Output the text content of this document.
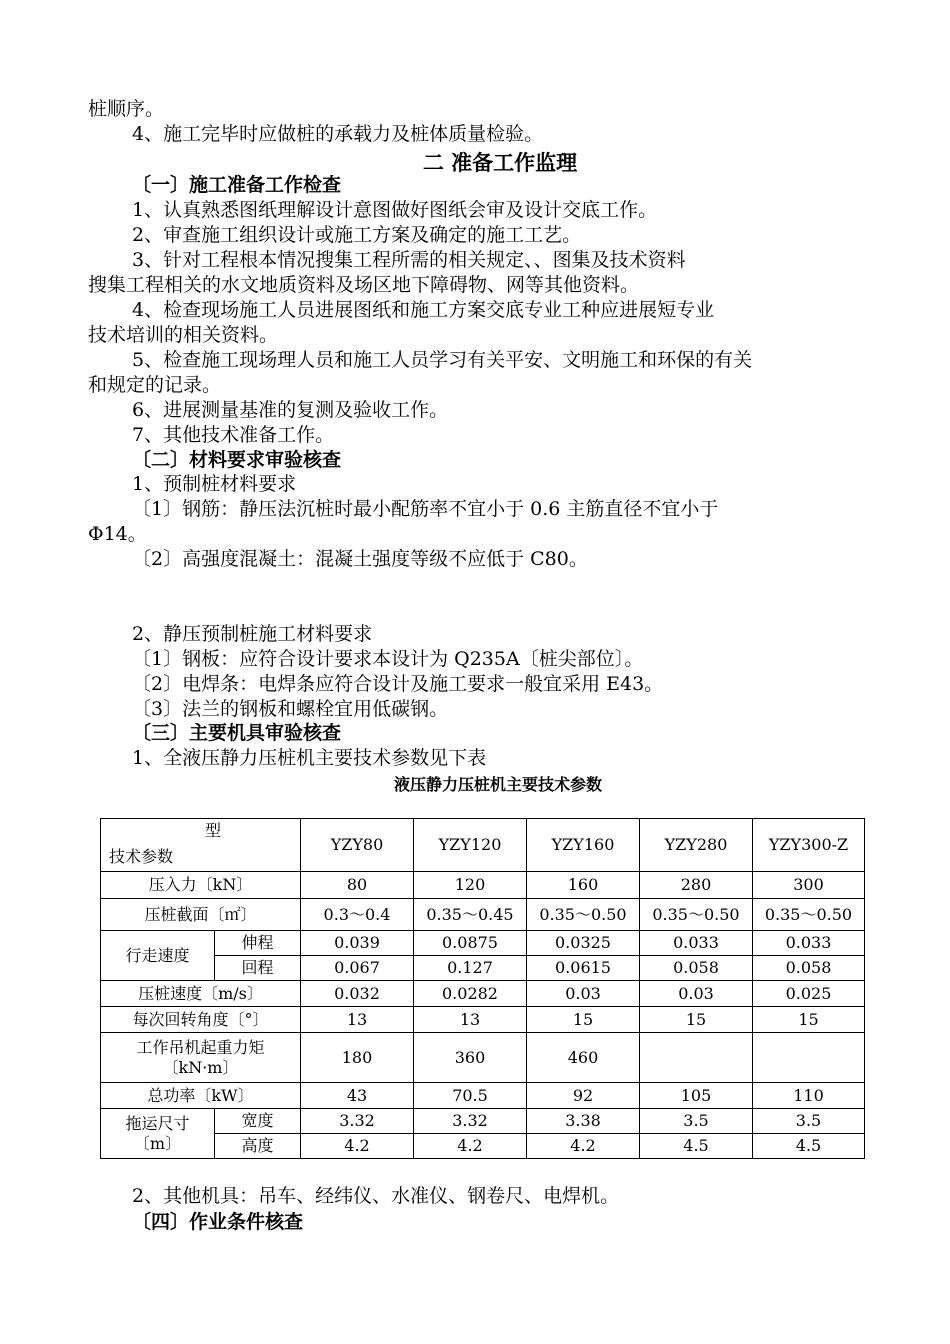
桩顺序。
4、施工完毕时应做桩的承载力及桩体质量检验。
二 准备工作监理
〔一〕施工准备工作检查
1、认真熟悉图纸理解设计意图做好图纸会审及设计交底工作。
2、审查施工组织设计或施工方案及确定的施工工艺。
3、针对工程根本情况搜集工程所需的相关规定、、图集及技术资料
搜集工程相关的水文地质资料及场区地下障碍物、网等其他资料。
4、检查现场施工人员进展图纸和施工方案交底专业工种应进展短专业
技术培训的相关资料。
5、检查施工现场理人员和施工人员学习有关平安、文明施工和环保的有关
和规定的记录。
6、进展测量基准的复测及验收工作。
7、其他技术准备工作。
〔二〕材料要求审验核查
1、预制桩材料要求
〔1〕钢筋：静压法沉桩时最小配筋率不宜小于 0.6 主筋直径不宜小于
Φ14。
〔2〕高强度混凝土：混凝土强度等级不应低于 C80。
2、静压预制桩施工材料要求
〔1〕钢板：应符合设计要求本设计为 Q235A〔桩尖部位〕。
〔2〕电焊条：电焊条应符合设计及施工要求一般宜采用 E43。
〔3〕法兰的钢板和螺栓宜用低碳钢。
〔三〕主要机具审验核查
1、全液压静力压桩机主要技术参数见下表
液压静力压桩机主要技术参数
型
技术参数		YZY80	YZY120	YZY160	YZY280	YZY300-Z
压入力〔kN〕		80	120	160	280	300
压桩截面〔㎡〕		0.3～0.4	0.35～0.45	0.35～0.50	0.35～0.50	0.35～0.50
行走速度	伸程	0.039	0.0875	0.0325	0.033	0.033
	回程	0.067	0.127	0.0615	0.058	0.058
压桩速度〔m/s〕		0.032	0.0282	0.03	0.03	0.025
每次回转角度〔°〕		13	13	15	15	15

工作吊机起重力矩
〔kN·m〕		180	360	460		
总功率〔kW〕		43	70.5	92	105	110

拖运尺寸
〔m〕	宽度	3.32	3.32	3.38	3.5	3.5
	高度	4.2	4.2	4.2	4.5	4.5
2、其他机具：吊车、经纬仪、水准仪、钢卷尺、电焊机。
〔四〕作业条件核查
